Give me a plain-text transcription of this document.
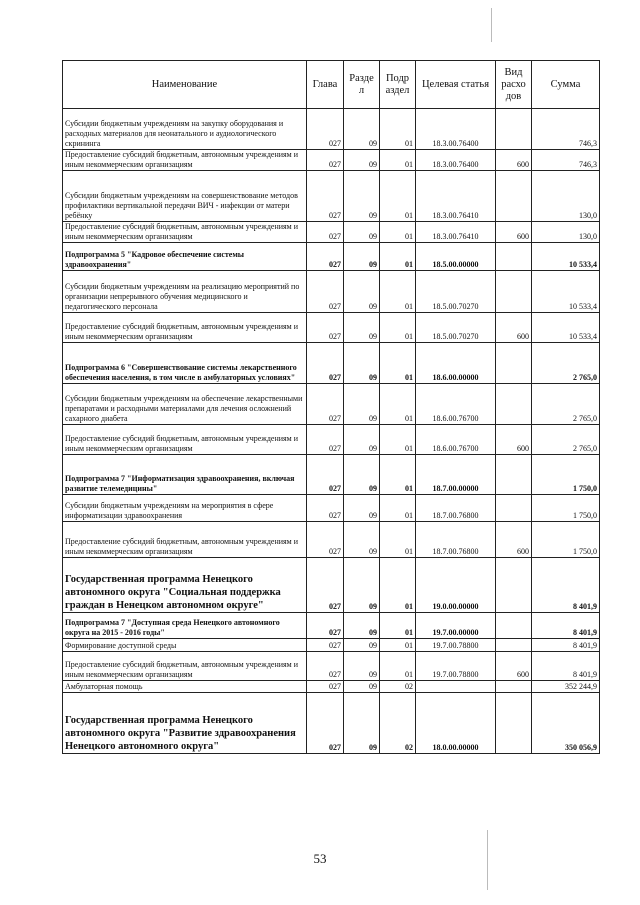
Наименование	Глава	Разде л	Подр аздел	Целевая статья	Вид расхо дов	Сумма
Субсидии бюджетным учреждениям на закупку оборудования и расходных материалов для неонатального и аудиологического скрининга	027	09	01	18.3.00.76400		746,3
Предоставление субсидий бюджетным, автономным учреждениям и иным некоммерческим организациям	027	09	01	18.3.00.76400	600	746,3
Субсидии бюджетным учреждениям на совершенствование методов профилактики вертикальной передачи ВИЧ - инфекции от матери ребёнку	027	09	01	18.3.00.76410		130,0
Предоставление субсидий бюджетным, автономным учреждениям и иным некоммерческим организациям	027	09	01	18.3.00.76410	600	130,0
Подпрограмма 5 "Кадровое обеспечение системы здравоохранения"	027	09	01	18.5.00.00000		10 533,4
Субсидии бюджетным учреждениям на реализацию мероприятий по организации непрерывного обучения медицинского и педагогического персонала	027	09	01	18.5.00.70270		10 533,4
Предоставление субсидий бюджетным, автономным учреждениям и иным некоммерческим организациям	027	09	01	18.5.00.70270	600	10 533,4
Подпрограмма 6 "Совершенствование системы лекарственного обеспечения населения, в том числе в амбулаторных условиях"	027	09	01	18.6.00.00000		2 765,0
Субсидии бюджетным учреждениям на обеспечение лекарственными препаратами и расходными материалами для лечения осложнений сахарного диабета	027	09	01	18.6.00.76700		2 765,0
Предоставление субсидий бюджетным, автономным учреждениям и иным некоммерческим организациям	027	09	01	18.6.00.76700	600	2 765,0
Подпрограмма 7 "Информатизация здравоохранения, включая развитие телемедицины"	027	09	01	18.7.00.00000		1 750,0
Субсидии бюджетным учреждениям на мероприятия в сфере информатизации здравоохранения	027	09	01	18.7.00.76800		1 750,0
Предоставление субсидий бюджетным, автономным учреждениям и иным некоммерческим организациям	027	09	01	18.7.00.76800	600	1 750,0
Государственная программа Ненецкого автономного округа "Социальная поддержка граждан в Ненецком автономном округе"	027	09	01	19.0.00.00000		8 401,9
Подпрограмма 7 "Доступная среда Ненецкого автономного округа на 2015 - 2016 годы"	027	09	01	19.7.00.00000		8 401,9
Формирование доступной среды	027	09	01	19.7.00.78800		8 401,9
Предоставление субсидий бюджетным, автономным учреждениям и иным некоммерческим организациям	027	09	01	19.7.00.78800	600	8 401,9
Амбулаторная помощь	027	09	02			352 244,9
Государственная программа Ненецкого автономного округа "Развитие здравоохранения Ненецкого автономного округа"	027	09	02	18.0.00.00000		350 056,9
53
